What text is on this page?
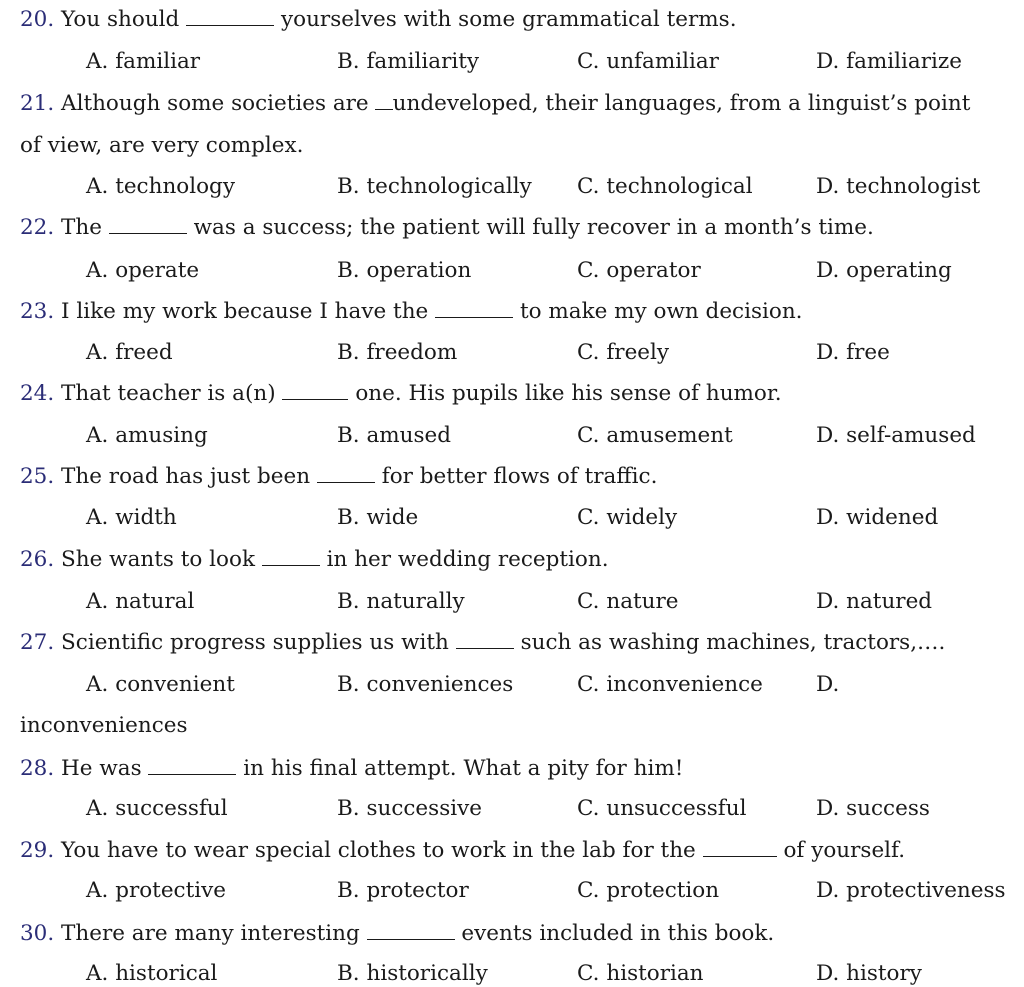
20. You should	yourselves with some grammatical terms.
A. familiar	B. familiarity	C. unfamiliar	D. familiarize
21. Although some societies are undeveloped, their languages, from a linguist’s point
of view, are very complex.
A. technology	B. technologically C. technological	D. technologist
22. The	was a success; the patient will fully recover in a month’s time.
A. operate	B. operation	C. operator	D. operating
23. I like my work because I have the	to make my own decision.
A. freed	B. freedom	C. freely	D. free
24. That teacher is a(n)	one. His pupils like his sense of humor.
A. amusing	B. amused	C. amusement	D. self-amused
25. The road has just been	for better flows of traffic.
A. width	B. wide	C. widely	D. widened
26. She wants to look	in her wedding reception.
A. natural	B. naturally	C. nature	D. natured
27. Scientific progress supplies us with	such as washing machines, tractors,….
A. convenient	B. conveniences	C. inconvenience D.
inconveniences
28. He was	in his final attempt. What a pity for him!
A. successful	B. successive	C. unsuccessful	D. success
29. You have to wear special clothes to work in the lab for the	of yourself.
A. protective	B. protector	C. protection	D. protectiveness
30. There are many interesting	events included in this book.
A. historical	B. historically	C. historian	D. history
